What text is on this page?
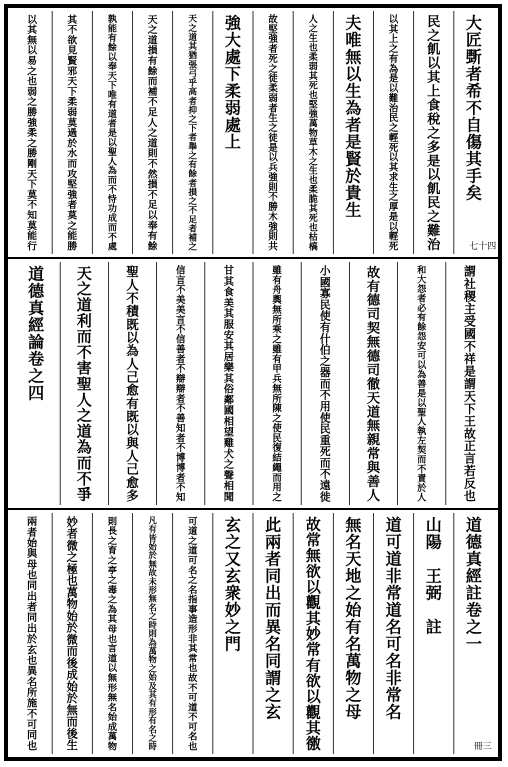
大
匠
斲
者
希
不
自
傷
其
手
矣
七十四
民
之
飢
以
其
上
食
稅
之
多
是
以
飢
民
之
難
治
以
其
上
之
有
為
是
以
難
治
民
之
輕
死
以
其
求
生
之
厚
是
以
輕
死
夫
唯
無
以
生
為
者
是
賢
於
貴
生
人
之
生
也
柔
弱
其
死
也
堅
強
萬
物
草
木
之
生
也
柔
脆
其
死
也
枯
槁
故
堅
強
者
死
之
徒
柔
弱
者
生
之
徒
是
以
兵
強
則
不
勝
木
強
則
共
強
大
處
下
柔
弱
處
上
天
之
道
其
猶
張
弓
乎
高
者
抑
之
下
者
舉
之
有
餘
者
損
之
不
足
者
補
之
天
之
道
損
有
餘
而
補
不
足
人
之
道
則
不
然
損
不
足
以
奉
有
餘
孰
能
有
餘
以
奉
天
下
唯
有
道
者
是
以
聖
人
為
而
不
恃
功
成
而
不
處
其
不
欲
見
賢
邪
天
下
柔
弱
莫
過
於
水
而
攻
堅
強
者
莫
之
能
勝
以
其
無
以
易
之
也
弱
之
勝
強
柔
之
勝
剛
天
下
莫
不
知
莫
能
行
謂
社
稷
主
受
國
不
祥
是
謂
天
下
王
故
正
言
若
反
也
和
大
怨
者
必
有
餘
怨
安
可
以
為
善
是
以
聖
人
執
左
契
而
不
責
於
人
故
有
德
司
契
無
德
司
徹
天
道
無
親
常
與
善
人
小
國
寡
民
使
有
什
伯
之
器
而
不
用
使
民
重
死
而
不
遠
徙
雖
有
舟
輿
無
所
乘
之
雖
有
甲
兵
無
所
陳
之
使
民
復
結
繩
而
用
之
甘
其
食
美
其
服
安
其
居
樂
其
俗
鄰
國
相
望
雞
犬
之
聲
相
聞
信
言
不
美
美
言
不
信
善
者
不
辯
辯
者
不
善
知
者
不
博
博
者
不
知
聖
人
不
積
既
以
為
人
己
愈
有
既
以
與
人
己
愈
多
天
之
道
利
而
不
害
聖
人
之
道
為
而
不
爭
道
德
真
經
論
卷
之
四
道
德
真
經
註
卷
之
一
冊三
山
陽

王
弼

註
道
可
道
非
常
道
名
可
名
非
常
名
無
名
天
地
之
始
有
名
萬
物
之
母
故
常
無
欲
以
觀
其
妙
常
有
欲
以
觀
其
徼
此
兩
者
同
出
而
異
名
同
謂
之
玄
玄
之
又
玄
衆
妙
之
門
可
道
之
道
可
名
之
名
指
事
造
形
非
其
常
也
故
不
可
道
不
可
名
也
凡
有
皆
始
於
無
故
未
形
無
名
之
時
則
為
萬
物
之
始
及
其
有
形
有
名
之
時
則
長
之
育
之
亭
之
毒
之
為
其
母
也
言
道
以
無
形
無
名
始
成
萬
物
妙
者
微
之
極
也
萬
物
始
於
微
而
後
成
始
於
無
而
後
生
兩
者
始
與
母
也
同
出
者
同
出
於
玄
也
異
名
所
施
不
可
同
也
